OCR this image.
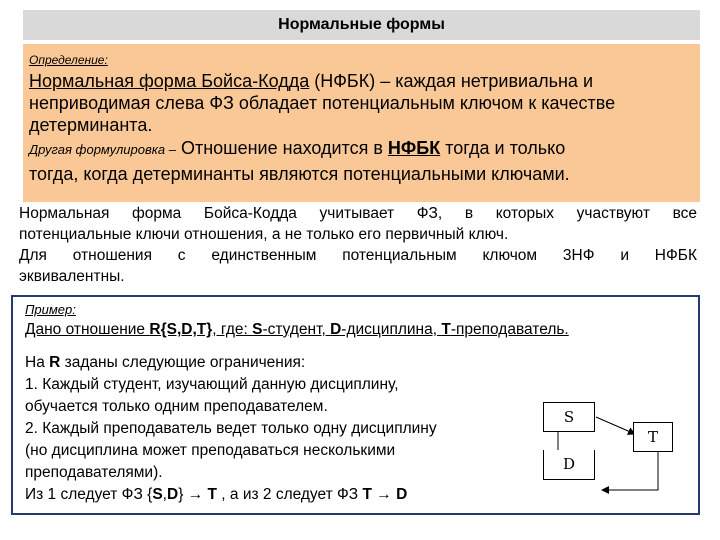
Нормальные формы
Определение:
Нормальная форма Бойса-Кодда (НФБК) – каждая нетривиальна и
неприводимая слева ФЗ обладает потенциальным ключом к качестве
детерминанта.
Другая формулировка – Отношение находится в НФБК тогда и только
тогда, когда детерминанты являются потенциальными ключами.
Нормальная форма Бойса-Кодда учитывает ФЗ, в которых участвуют все
потенциальные ключи отношения, а не только его первичный ключ.
Для отношения с единственным потенциальным ключом 3НФ и НФБК
эквивалентны.
Пример:
Дано отношение R{S,D,T}, где: S-студент, D-дисциплина, T-преподаватель.
На R заданы следующие ограничения:
1. Каждый студент, изучающий данную дисциплину,
обучается только одним преподавателем.
2. Каждый преподаватель ведет только одну дисциплину
(но дисциплина может преподаваться несколькими
преподавателями).
Из 1 следует ФЗ {S,D} → T , а из 2 следует ФЗ T → D
S
D
T
